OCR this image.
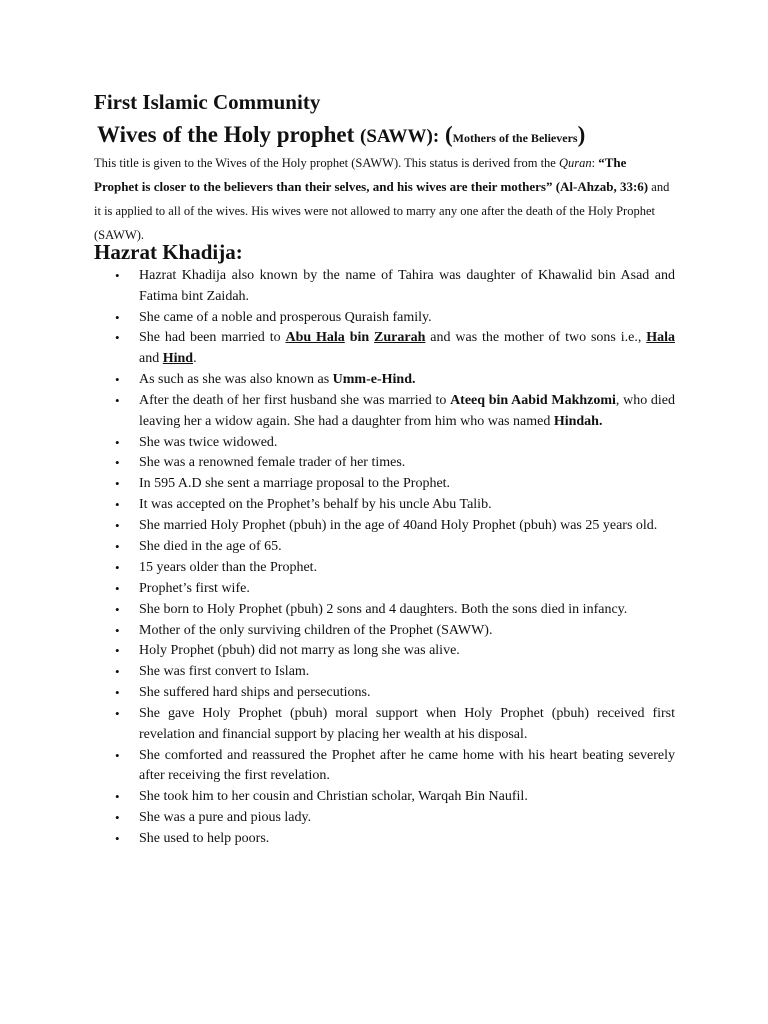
First Islamic Community
Wives of the Holy prophet (SAWW): (Mothers of the Believers)
This title is given to the Wives of the Holy prophet (SAWW). This status is derived from the Quran: “The Prophet is closer to the believers than their selves, and his wives are their mothers” (Al-Ahzab, 33:6) and it is applied to all of the wives. His wives were not allowed to marry any one after the death of the Holy Prophet (SAWW).
Hazrat Khadija:
• Hazrat Khadija also known by the name of Tahira was daughter of Khawalid bin Asad and Fatima bint Zaidah.
• She came of a noble and prosperous Quraish family.
• She had been married to Abu Hala bin Zurarah and was the mother of two sons i.e., Hala and Hind.
• As such as she was also known as Umm-e-Hind.
• After the death of her first husband she was married to Ateeq bin Aabid Makhzomi, who died leaving her a widow again. She had a daughter from him who was named Hindah.
• She was twice widowed.
• She was a renowned female trader of her times.
• In 595 A.D she sent a marriage proposal to the Prophet.
• It was accepted on the Prophet’s behalf by his uncle Abu Talib.
• She married Holy Prophet (pbuh) in the age of 40and Holy Prophet (pbuh) was 25 years old.
• She died in the age of 65.
• 15 years older than the Prophet.
• Prophet’s first wife.
• She born to Holy Prophet (pbuh) 2 sons and 4 daughters. Both the sons died in infancy.
• Mother of the only surviving children of the Prophet (SAWW).
• Holy Prophet (pbuh) did not marry as long she was alive.
• She was first convert to Islam.
• She suffered hard ships and persecutions.
• She gave Holy Prophet (pbuh) moral support when Holy Prophet (pbuh) received first revelation and financial support by placing her wealth at his disposal.
• She comforted and reassured the Prophet after he came home with his heart beating severely after receiving the first revelation.
• She took him to her cousin and Christian scholar, Warqah Bin Naufil.
• She was a pure and pious lady.
• She used to help poors.
